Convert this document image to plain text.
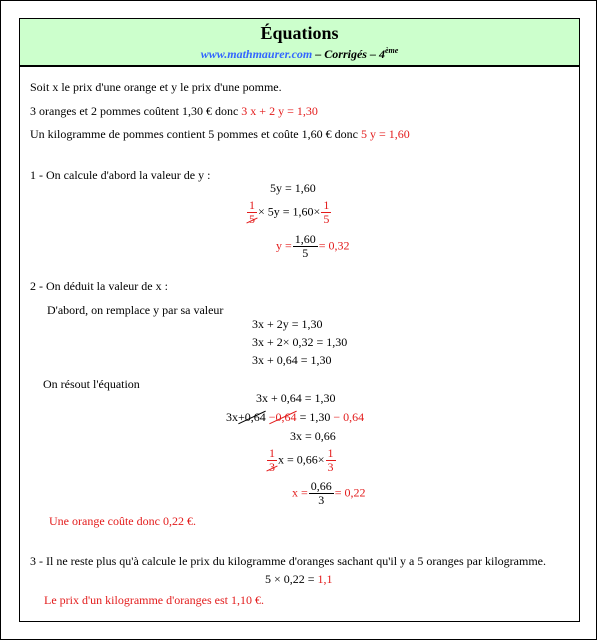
Équations
www.mathmaurer.com – Corrigés – 4ème
Soit x le prix d'une orange et y le prix d'une pomme.
3 oranges et 2 pommes coûtent 1,30 € donc 3 x + 2 y = 1,30
Un kilogramme de pommes contient 5 pommes et coûte 1,60 € donc 5 y = 1,60
1 - On calcule d'abord la valeur de y :
5y = 1,60
$\frac{1}{5} \times 5y = 1,60\times \frac{1}{5}$
$y = \frac{1,60}{5} = 0,32$
2 - On déduit la valeur de x :
D'abord, on remplace y par sa valeur
3x + 2y = 1,30
3x + 2× 0,32 = 1,30
3x + 0,64 = 1,30
On résout l'équation
3x + 0,64 = 1,30
3x+0,64 −0,64 = 1,30 − 0,64
3x = 0,66
$\frac{1}{3}$ $x = 0,66\times \frac{1}{3}$
$x = \frac{0,66}{3} = 0,22$
Une orange coûte donc 0,22 €.
3 - Il ne reste plus qu'à calcule le prix du kilogramme d'oranges sachant qu'il y a 5 oranges par kilogramme.
5 × 0,22 = 1,1
Le prix d'un kilogramme d'oranges est 1,10 €.
